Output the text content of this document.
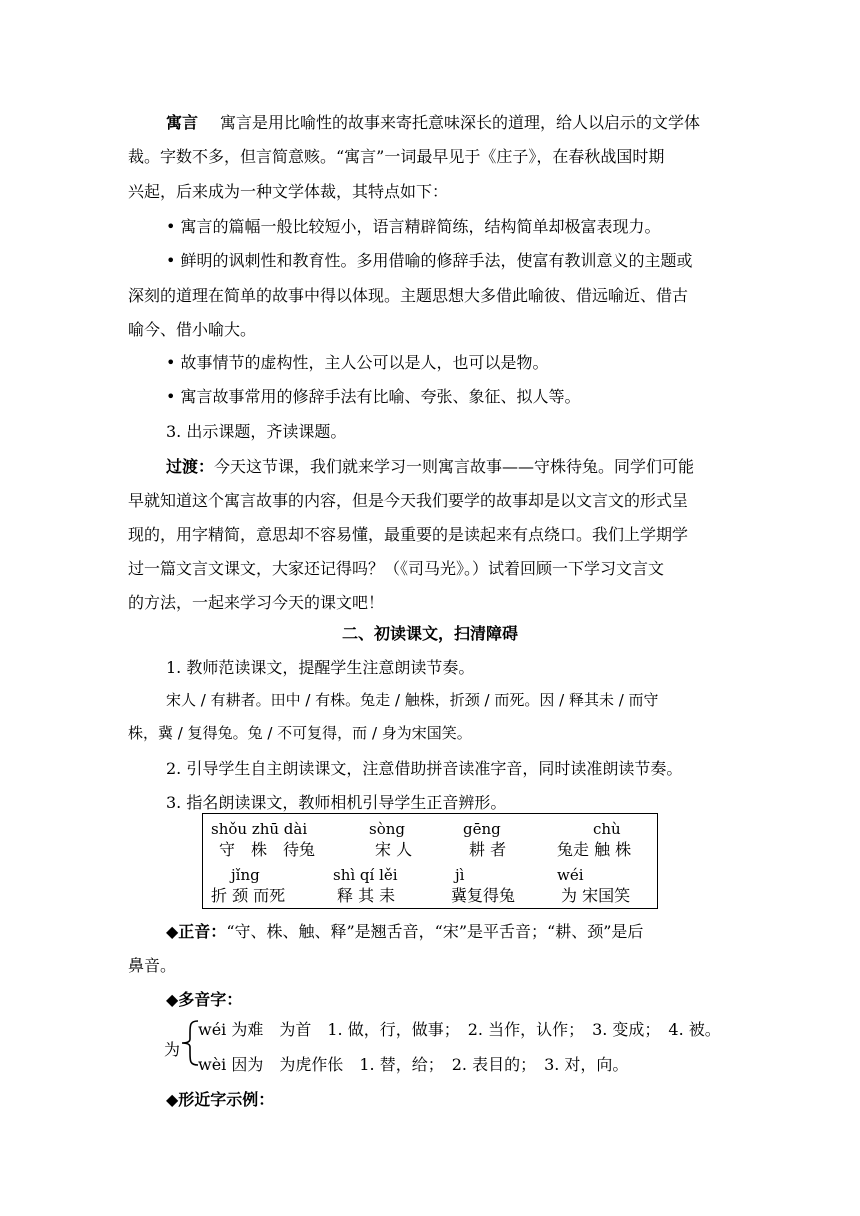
寓言 寓言是用比喻性的故事来寄托意味深长的道理，给人以启示的文学体
裁。字数不多，但言简意赅。“寓言”一词最早见于《庄子》，在春秋战国时期
兴起，后来成为一种文学体裁，其特点如下：
• 寓言的篇幅一般比较短小，语言精辟简练，结构简单却极富表现力。
• 鲜明的讽刺性和教育性。多用借喻的修辞手法，使富有教训意义的主题或
深刻的道理在简单的故事中得以体现。主题思想大多借此喻彼、借远喻近、借古
喻今、借小喻大。
• 故事情节的虚构性，主人公可以是人，也可以是物。
• 寓言故事常用的修辞手法有比喻、夸张、象征、拟人等。
3. 出示课题，齐读课题。
过渡：今天这节课，我们就来学习一则寓言故事——守株待兔。同学们可能
早就知道这个寓言故事的内容，但是今天我们要学的故事却是以文言文的形式呈
现的，用字精简，意思却不容易懂，最重要的是读起来有点绕口。我们上学期学
过一篇文言文课文，大家还记得吗？（《司马光》。）试着回顾一下学习文言文
的方法，一起来学习今天的课文吧！
二、初读课文，扫清障碍
1. 教师范读课文，提醒学生注意朗读节奏。
宋人 / 有耕者。田中 / 有株。兔走 / 触株，折颈 / 而死。因 / 释其未 / 而守
株，冀 / 复得兔。兔 / 不可复得，而 / 身为宋国笑。
2. 引导学生自主朗读课文，注意借助拼音读准字音，同时读准朗读节奏。
3. 指名朗读课文，教师相机引导学生正音辨形。
shǒu zhū dài	sòng	gēng	chù
守　株　待兔	宋 人	耕 者	兔走 触 株
jǐng	shì qí lěi	jì	wéi
折 颈 而死	释 其 耒	冀复得兔	为 宋国笑
◆正音：“守、株、触、释”是翘舌音，“宋”是平舌音；“耕、颈”是后
鼻音。
◆多音字：
为
wéi 为难　为首　1. 做，行，做事；　2. 当作，认作；　3. 变成；　4. 被。
wèi 因为　为虎作伥　1. 替，给；　2. 表目的；　3. 对，向。
◆形近字示例：
